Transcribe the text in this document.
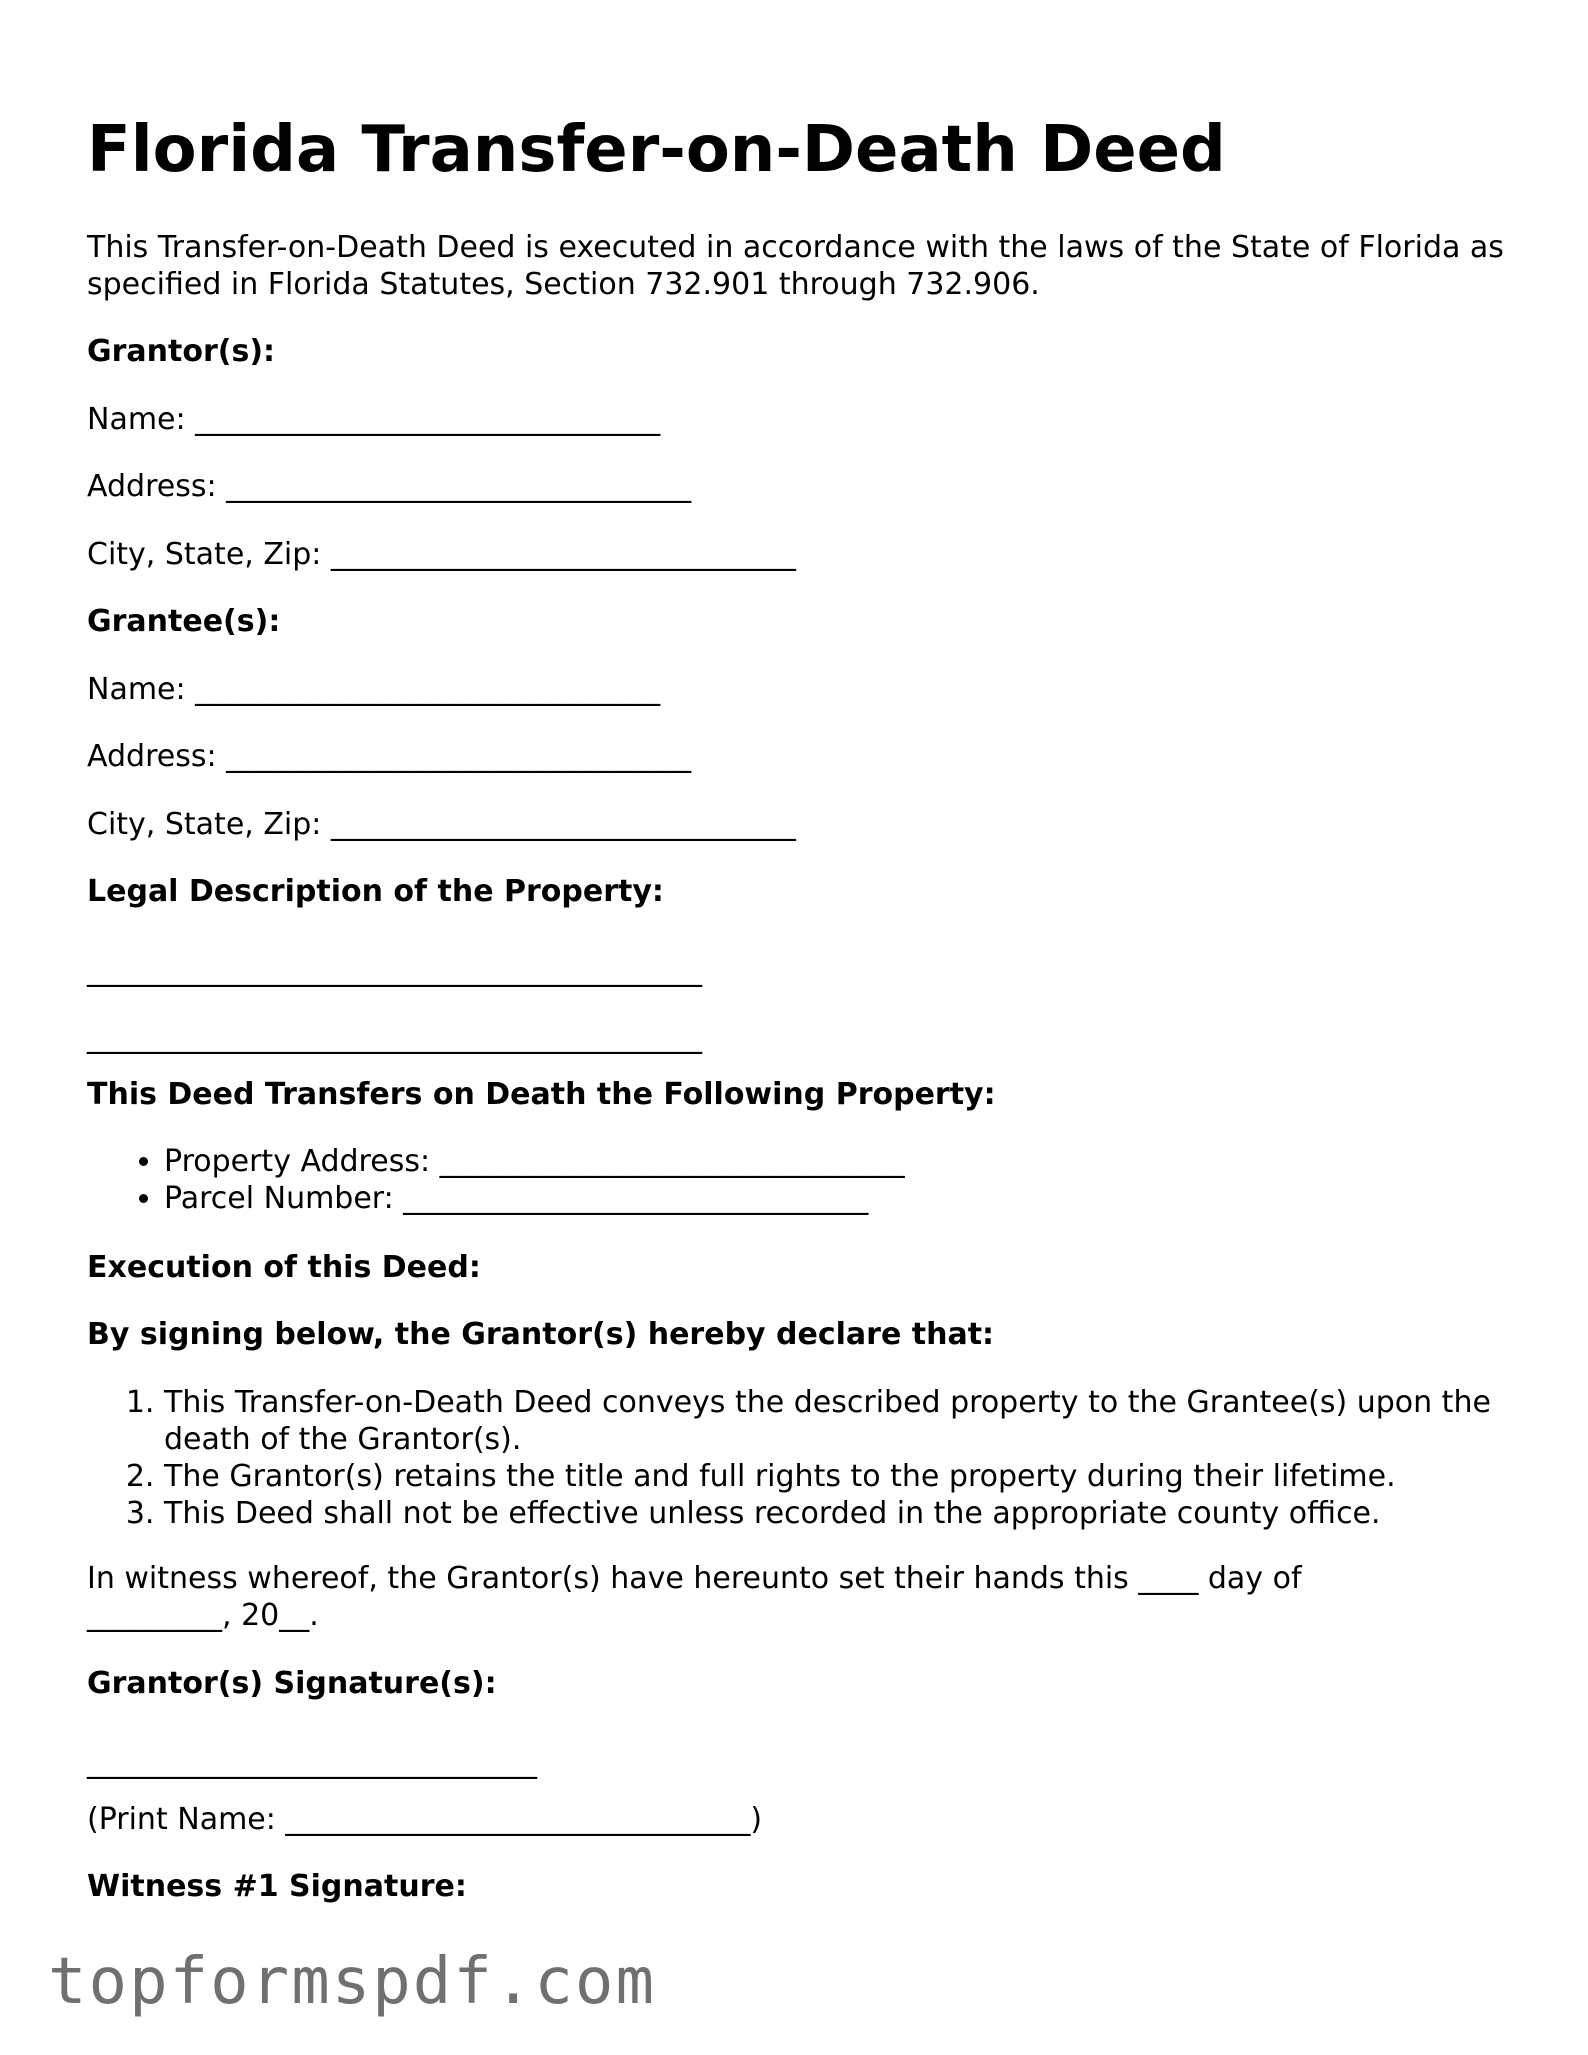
Florida Transfer-on-Death Deed

This Transfer-on-Death Deed is executed in accordance with the laws of the State of Florida as specified in Florida Statutes, Section 732.901 through 732.906.

Grantor(s):

Name: _______________________________

Address: _______________________________

City, State, Zip: _______________________________

Grantee(s):

Name: _______________________________

Address: _______________________________

City, State, Zip: _______________________________

Legal Description of the Property:

_________________________________________

_________________________________________

This Deed Transfers on Death the Following Property:

• Property Address: _______________________________
• Parcel Number: _______________________________

Execution of this Deed:

By signing below, the Grantor(s) hereby declare that:

1. This Transfer-on-Death Deed conveys the described property to the Grantee(s) upon the death of the Grantor(s).
2. The Grantor(s) retains the title and full rights to the property during their lifetime.
3. This Deed shall not be effective unless recorded in the appropriate county office.

In witness whereof, the Grantor(s) have hereunto set their hands this ____ day of

_________, 20__.

Grantor(s) Signature(s):

______________________________

(Print Name: _______________________________)

Witness #1 Signature:

topformspdf.com
